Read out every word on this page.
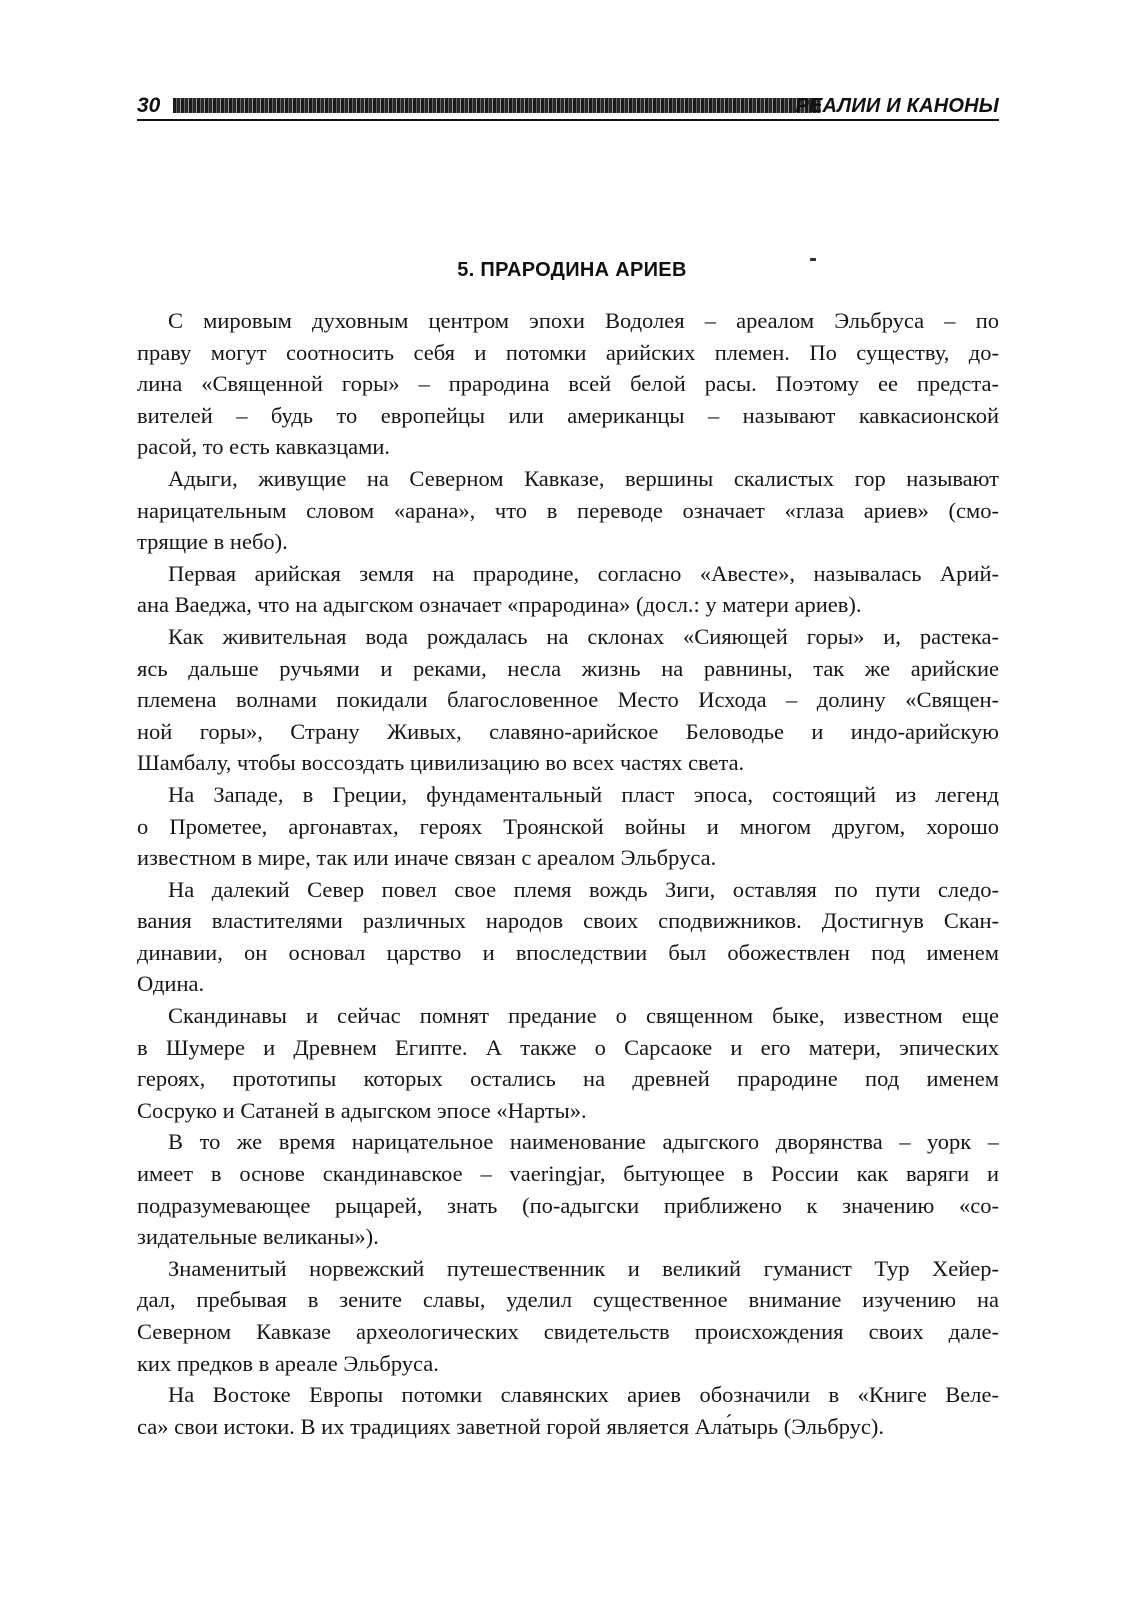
30	РЕАЛИИ И КАНОНЫ
5. ПРАРОДИНА АРИЕВ
С мировым духовным центром эпохи Водолея – ареалом Эльбруса – по
праву могут соотносить себя и потомки арийских племен. По существу, до-
лина «Священной горы» – прародина всей белой расы. Поэтому ее предста-
вителей – будь то европейцы или американцы – называют кавкасионской
расой, то есть кавказцами.
Адыги, живущие на Северном Кавказе, вершины скалистых гор называют
нарицательным словом «арана», что в переводе означает «глаза ариев» (смо-
трящие в небо).
Первая арийская земля на прародине, согласно «Авесте», называлась Арий-
ана Ваеджа, что на адыгском означает «прародина» (досл.: у матери ариев).
Как живительная вода рождалась на склонах «Сияющей горы» и, растека-
ясь дальше ручьями и реками, несла жизнь на равнины, так же арийские
племена волнами покидали благословенное Место Исхода – долину «Священ-
ной горы», Страну Живых, славяно-арийское Беловодье и индо-арийскую
Шамбалу, чтобы воссоздать цивилизацию во всех частях света.
На Западе, в Греции, фундаментальный пласт эпоса, состоящий из легенд
о Прометее, аргонавтах, героях Троянской войны и многом другом, хорошо
известном в мире, так или иначе связан с ареалом Эльбруса.
На далекий Север повел свое племя вождь Зиги, оставляя по пути следо-
вания властителями различных народов своих сподвижников. Достигнув Скан-
динавии, он основал царство и впоследствии был обожествлен под именем
Одина.
Скандинавы и сейчас помнят предание о священном быке, известном еще
в Шумере и Древнем Египте. А также о Сарсаоке и его матери, эпических
героях, прототипы которых остались на древней прародине под именем
Сосруко и Сатаней в адыгском эпосе «Нарты».
В то же время нарицательное наименование адыгского дворянства – уорк –
имеет в основе скандинавское – vaeringjar, бытующее в России как варяги и
подразумевающее рыцарей, знать (по-адыгски приближено к значению «со-
зидательные великаны»).
Знаменитый норвежский путешественник и великий гуманист Тур Хейер-
дал, пребывая в зените славы, уделил существенное внимание изучению на
Северном Кавказе археологических свидетельств происхождения своих дале-
ких предков в ареале Эльбруса.
На Востоке Европы потомки славянских ариев обозначили в «Книге Веле-
са» свои истоки. В их традициях заветной горой является Ала́тырь (Эльбрус).
